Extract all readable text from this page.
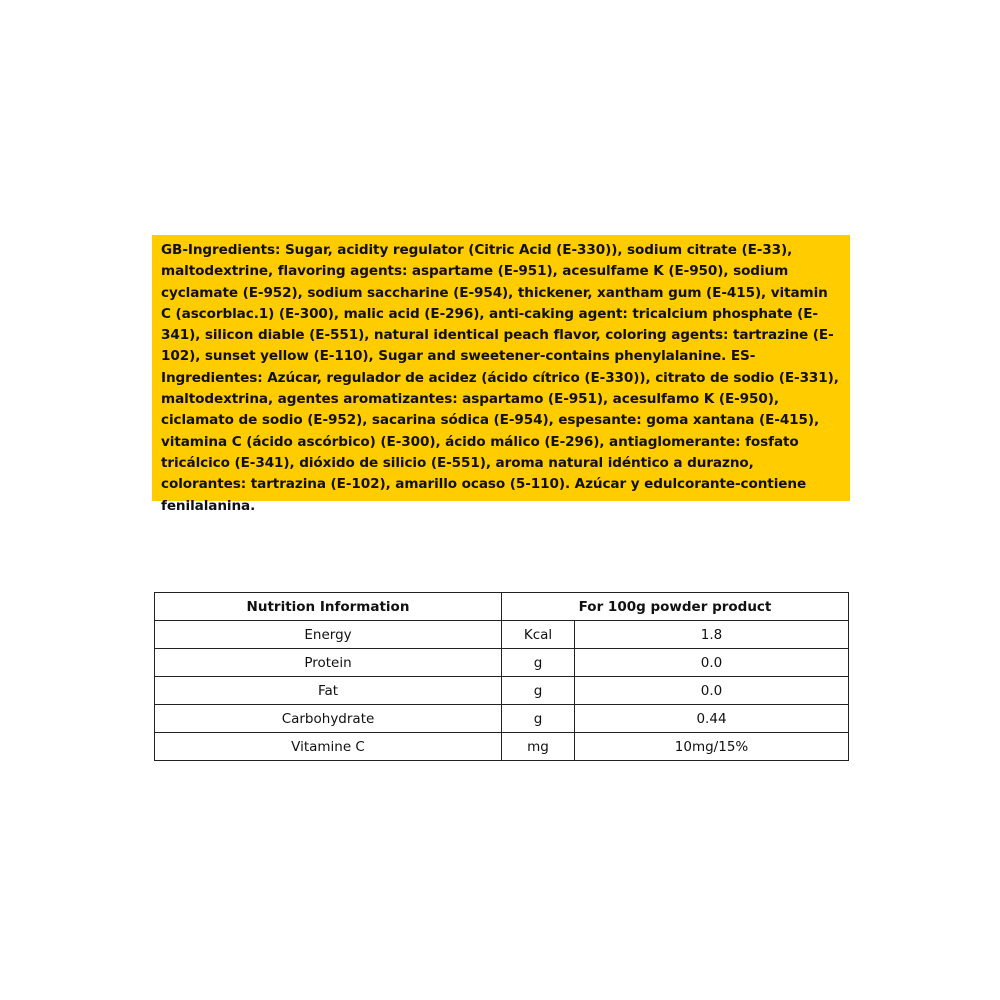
GB-Ingredients: Sugar, acidity regulator (Citric Acid (E-330)), sodium citrate (E-33), maltodextrine, flavoring agents: aspartame (E-951), acesulfame K (E-950), sodium cyclamate (E-952), sodium saccharine (E-954), thickener, xantham gum (E-415), vitamin C (ascorblac.1) (E-300), malic acid (E-296), anti-caking agent: tricalcium phosphate (E-341), silicon diable (E-551), natural identical peach flavor, coloring agents: tartrazine (E-102), sunset yellow (E-110), Sugar and sweetener-contains phenylalanine. ES-Ingredientes: Azúcar, regulador de acidez (ácido cítrico (E-330)), citrato de sodio (E-331), maltodextrina, agentes aromatizantes: aspartamo (E-951), acesulfamo K (E-950), ciclamato de sodio (E-952), sacarina sódica (E-954), espesante: goma xantana (E-415), vitamina C (ácido ascórbico) (E-300), ácido málico (E-296), antiaglomerante: fosfato tricálcico (E-341), dióxido de silicio (E-551), aroma natural idéntico a durazno, colorantes: tartrazina (E-102), amarillo ocaso (5-110). Azúcar y edulcorante-contiene fenilalanina.

Nutrition Information	For 100g powder product	
Energy	Kcal	1.8
Protein	g	0.0
Fat	g	0.0
Carbohydrate	g	0.44
Vitamine C	mg	10mg/15%
